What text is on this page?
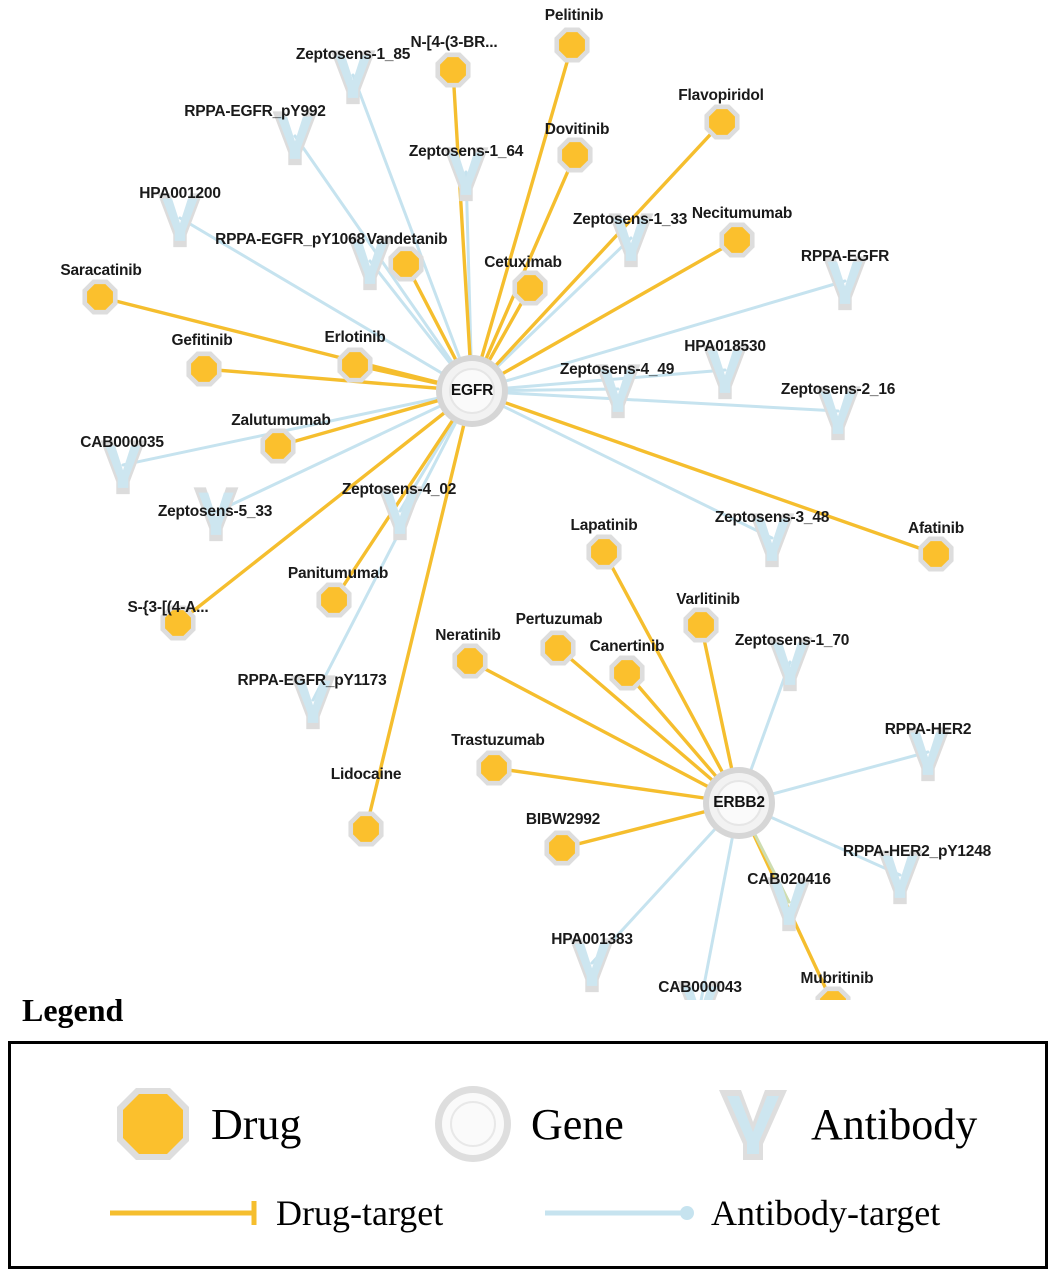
Zeptosens-1_85
RPPA-EGFR_pY992
Zeptosens-1_64
HPA001200
Zeptosens-1_33
RPPA-EGFR_pY1068
RPPA-EGFR
HPA018530
Zeptosens-4_49
Zeptosens-2_16
CAB000035
Zeptosens-5_33
Zeptosens-4_02
Zeptosens-3_48
Zeptosens-1_70
RPPA-EGFR_pY1173
RPPA-HER2
RPPA-HER2_pY1248
CAB020416
HPA001383
CAB000043
Pelitinib
N-[4-(3-BR...
Flavopiridol
Dovitinib
Necitumumab
Vandetanib
Cetuximab
Saracatinib
Gefitinib	Erlotinib
Zalutumumab
Afatinib
Lapatinib
Varlitinib
Panitumumab
S-{3-[(4-A...
Pertuzumab
Neratinib
Canertinib
Trastuzumab
Lidocaine
BIBW2992
Mubritinib
EGFR
ERBB2
Legend
Drug	Gene	Antibody
Drug-target	Antibody-target
